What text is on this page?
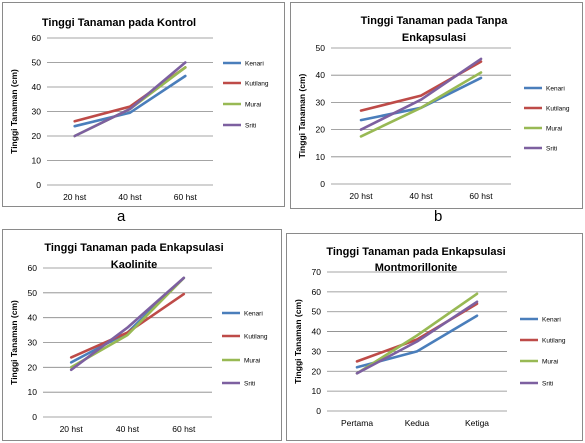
0
10
20
30
40
50
60
20 hst	40 hst	60 hst
Tinggi Tanaman (cm)
Tinggi Tanaman pada Kontrol
Kenari
Kutilang
Murai
Sriti
a
0
10
20
30
40
50
20 hst	40 hst	60 hst
Tinggi Tanaman (cm)
Tinggi Tanaman pada Tanpa
Enkapsulasi
Kenari
Kutilang
Murai
Sriti
b
0
10
20
30
40
50
60
20 hst	40 hst	60 hst
Tinggi Tanaman (cm)
Tinggi Tanaman pada Enkapsulasi
Kaolinite
Kenari
Kutilang
Murai
Sriti
0
10
20
30
40
50
60
70
Pertama	Kedua	Ketiga
Tinggi Tanaman (cm)
Tinggi Tanaman pada Enkapsulasi
Montmorillonite
Kenari
Kutilang
Murai
Sriti
